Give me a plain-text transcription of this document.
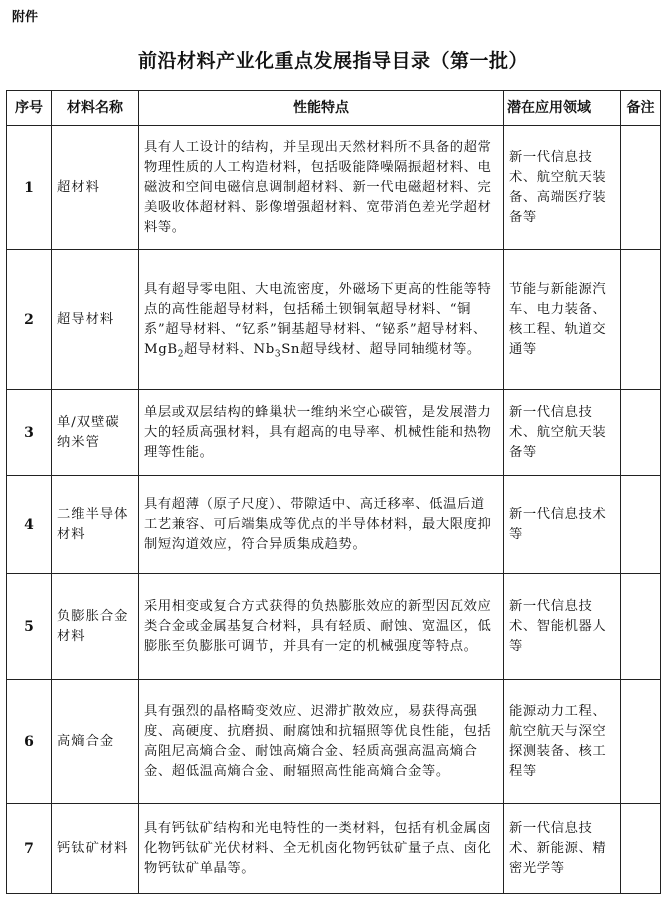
附件
前沿材料产业化重点发展指导目录（第一批）
序号	材料名称	性能特点	潜在应用领域	备注
1	超材料	具有人工设计的结构，并呈现出天然材料所不具备的超常物理性质的人工构造材料，包括吸能降噪隔振超材料、电磁波和空间电磁信息调制超材料、新一代电磁超材料、完美吸收体超材料、影像增强超材料、宽带消色差光学超材料等。	新一代信息技术、航空航天装备、高端医疗装备等	
2	超导材料	具有超导零电阻、大电流密度，外磁场下更高的性能等特点的高性能超导材料，包括稀土钡铜氧超导材料、“铜系”超导材料、“钇系”铜基超导材料、“铋系”超导材料、MgB$_2$超导材料、$Nb_3Sn$超导线材、超导同轴缆材等。	节能与新能源汽车、电力装备、核工程、轨道交通等	
3	单/双壁碳纳米管	单层或双层结构的蜂巢状一维纳米空心碳管，是发展潜力大的轻质高强材料，具有超高的电导率、机械性能和热物理等性能。	新一代信息技术、航空航天装备等	
4	二维半导体材料	具有超薄（原子尺度）、带隙适中、高迁移率、低温后道工艺兼容、可后端集成等优点的半导体材料，最大限度抑制短沟道效应，符合异质集成趋势。	新一代信息技术等	
5	负膨胀合金材料	采用相变或复合方式获得的负热膨胀效应的新型因瓦效应类合金或金属基复合材料，具有轻质、耐蚀、宽温区，低膨胀至负膨胀可调节，并具有一定的机械强度等特点。	新一代信息技术、智能机器人等	
6	高熵合金	具有强烈的晶格畸变效应、迟滞扩散效应，易获得高强度、高硬度、抗磨损、耐腐蚀和抗辐照等优良性能，包括高阻尼高熵合金、耐蚀高熵合金、轻质高强高温高熵合金、超低温高熵合金、耐辐照高性能高熵合金等。	能源动力工程、航空航天与深空探测装备、核工程等	
7	钙钛矿材料	具有钙钛矿结构和光电特性的一类材料，包括有机金属卤化物钙钛矿光伏材料、全无机卤化物钙钛矿量子点、卤化物钙钛矿单晶等。	新一代信息技术、新能源、精密光学等	
